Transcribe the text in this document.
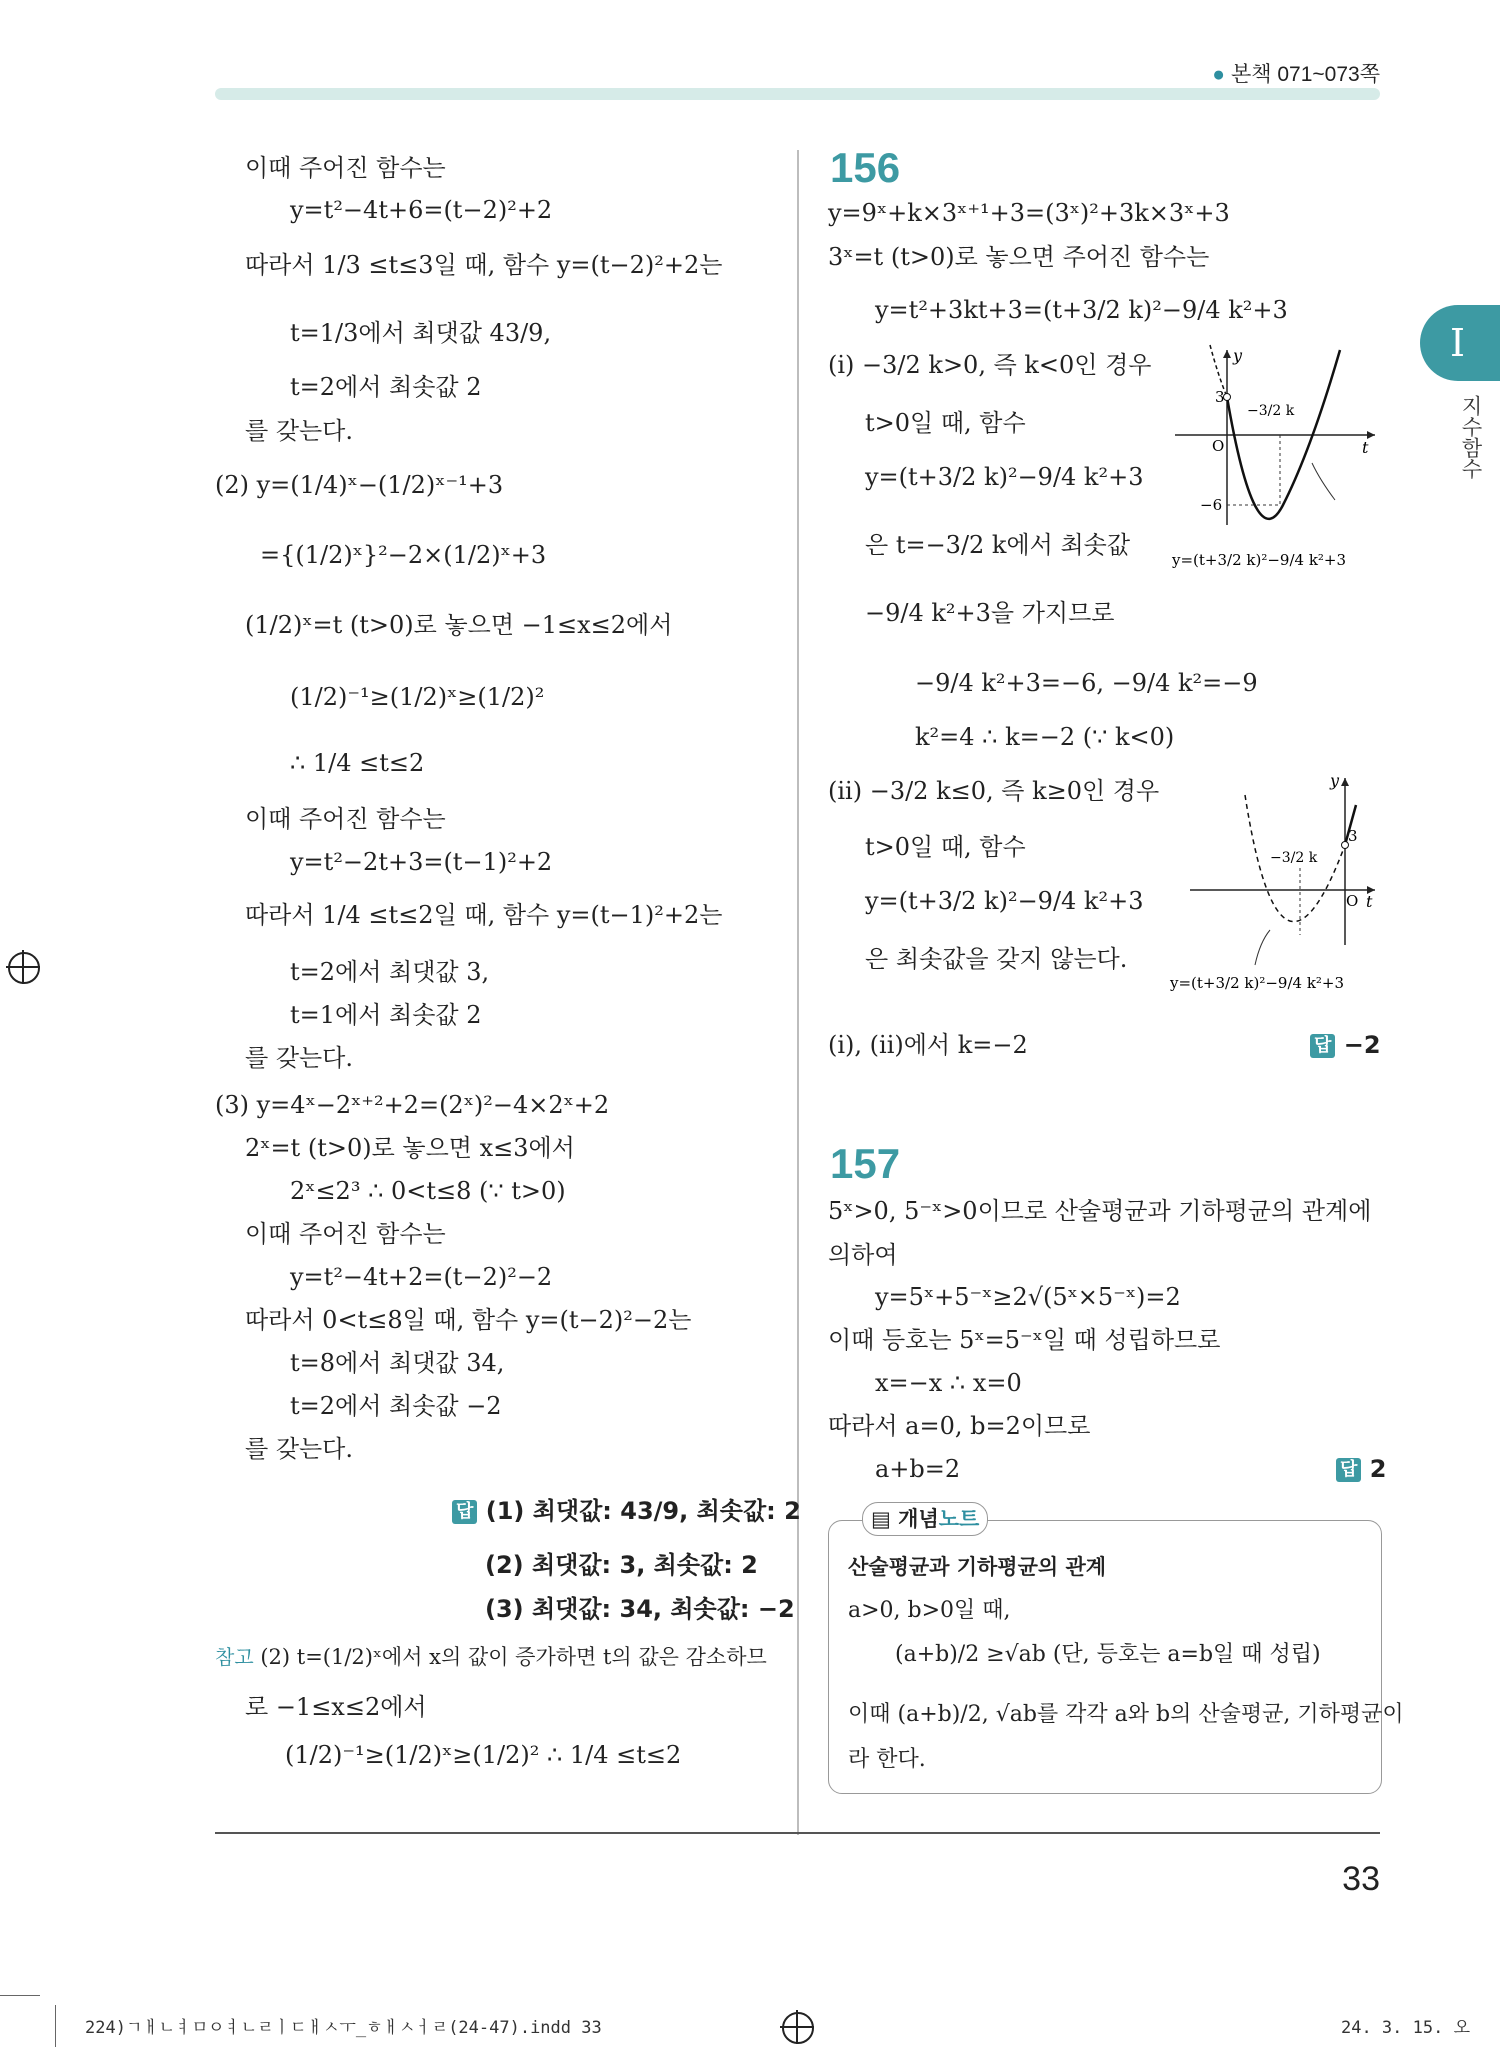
● 본책 071~073쪽
I
지수함수
이때 주어진 함수는
y=t²−4t+6=(t−2)²+2
따라서 1/3 ≤t≤3일 때, 함수 y=(t−2)²+2는
t=1/3에서 최댓값 43/9,
t=2에서 최솟값 2
를 갖는다.
(2) y=(1/4)ˣ−(1/2)ˣ⁻¹+3
={(1/2)ˣ}²−2×(1/2)ˣ+3
(1/2)ˣ=t (t>0)로 놓으면 −1≤x≤2에서
(1/2)⁻¹≥(1/2)ˣ≥(1/2)²
∴ 1/4 ≤t≤2
이때 주어진 함수는
y=t²−2t+3=(t−1)²+2
따라서 1/4 ≤t≤2일 때, 함수 y=(t−1)²+2는
t=2에서 최댓값 3,
t=1에서 최솟값 2
를 갖는다.
(3) y=4ˣ−2ˣ⁺²+2=(2ˣ)²−4×2ˣ+2
2ˣ=t (t>0)로 놓으면 x≤3에서
2ˣ≤2³ ∴ 0<t≤8 (∵ t>0)
이때 주어진 함수는
y=t²−4t+2=(t−2)²−2
따라서 0<t≤8일 때, 함수 y=(t−2)²−2는
t=8에서 최댓값 34,
t=2에서 최솟값 −2
를 갖는다.
답 (1) 최댓값: 43/9, 최솟값: 2
(2) 최댓값: 3, 최솟값: 2
(3) 최댓값: 34, 최솟값: −2
참고 (2) t=(1/2)ˣ에서 x의 값이 증가하면 t의 값은 감소하므
로 −1≤x≤2에서
(1/2)⁻¹≥(1/2)ˣ≥(1/2)² ∴ 1/4 ≤t≤2
156
y=9ˣ+k×3ˣ⁺¹+3=(3ˣ)²+3k×3ˣ+3
3ˣ=t (t>0)로 놓으면 주어진 함수는
y=t²+3kt+3=(t+3/2 k)²−9/4 k²+3
(i) −3/2 k>0, 즉 k<0인 경우
t>0일 때, 함수
y=(t+3/2 k)²−9/4 k²+3
은 t=−3/2 k에서 최솟값
−9/4 k²+3을 가지므로
−9/4 k²+3=−6, −9/4 k²=−9
k²=4 ∴ k=−2 (∵ k<0)
(ii) −3/2 k≤0, 즉 k≥0인 경우
t>0일 때, 함수
y=(t+3/2 k)²−9/4 k²+3
은 최솟값을 갖지 않는다.
(i), (ii)에서 k=−2	답 −2
3
−3/2 k
−6
O	t
y
y=(t+3/2 k)²−9/4 k²+3
3
−3/2 k
O t
y
y=(t+3/2 k)²−9/4 k²+3
157
5ˣ>0, 5⁻ˣ>0이므로 산술평균과 기하평균의 관계에
의하여
y=5ˣ+5⁻ˣ≥2√(5ˣ×5⁻ˣ)=2
이때 등호는 5ˣ=5⁻ˣ일 때 성립하므로
x=−x ∴ x=0
따라서 a=0, b=2이므로
a+b=2	답 2
▤ 개념노트
산술평균과 기하평균의 관계
a>0, b>0일 때,
(a+b)/2 ≥√ab (단, 등호는 a=b일 때 성립)
이때 (a+b)/2, √ab를 각각 a와 b의 산술평균, 기하평균이
라 한다.
33
224)ㄱㅐㄴㅕㅁㅇㅕㄴㄹㅣㄷㅐㅅㅜ_ㅎㅐㅅㅓㄹ(24-47).indd 33	24. 3. 15. 오
